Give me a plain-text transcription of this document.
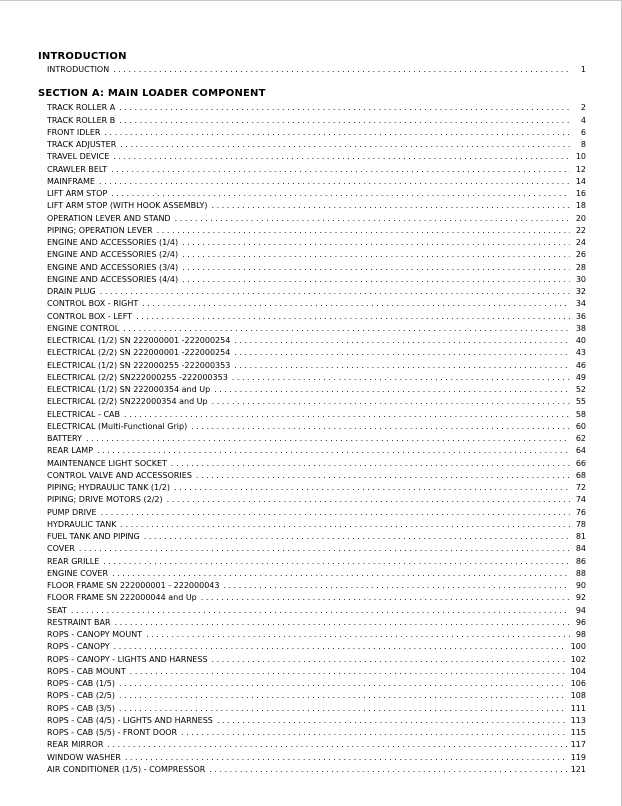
INTRODUCTION
INTRODUCTION . . .	1
SECTION A: MAIN LOADER COMPONENT
TRACK ROLLER A . . .	2
TRACK ROLLER B . . .	4
FRONT IDLER . . .	6
TRACK ADJUSTER . . .	8
TRAVEL DEVICE . . .	10
CRAWLER BELT . . .	12
MAINFRAME . . .	14
LIFT ARM STOP . . .	16
LIFT ARM STOP (WITH HOOK ASSEMBLY) . . .	18
OPERATION LEVER AND STAND . . .	20
PIPING; OPERATION LEVER . . .	22
ENGINE AND ACCESSORIES (1/4) . . .	24
ENGINE AND ACCESSORIES (2/4) . . .	26
ENGINE AND ACCESSORIES (3/4) . . .	28
ENGINE AND ACCESSORIES (4/4) . . .	30
DRAIN PLUG . . .	32
CONTROL BOX - RIGHT . . .	34
CONTROL BOX - LEFT . . .	36
ENGINE CONTROL . . .	38
ELECTRICAL (1/2) SN 222000001 -222000254 . . .	40
ELECTRICAL (2/2) SN 222000001 -222000254 . . .	43
ELECTRICAL (1/2) SN 222000255 -222000353 . . .	46
ELECTRICAL (2/2) SN222000255 -222000353 . . .	49
ELECTRICAL (1/2) SN 222000354 and Up . . .	52
ELECTRICAL (2/2) SN222000354 and Up . . .	55
ELECTRICAL - CAB . . .	58
ELECTRICAL (Multi-Functional Grip) . . .	60
BATTERY . . .	62
REAR LAMP . . .	64
MAINTENANCE LIGHT SOCKET . . .	66
CONTROL VALVE AND ACCESSORIES . . .	68
PIPING; HYDRAULIC TANK (1/2) . . .	72
PIPING; DRIVE MOTORS (2/2) . . .	74
PUMP DRIVE . . .	76
HYDRAULIC TANK . . .	78
FUEL TANK AND PIPING . . .	81
COVER . . .	84
REAR GRILLE . . .	86
ENGINE COVER . . .	88
FLOOR FRAME SN 222000001 - 222000043 . . .	90
FLOOR FRAME SN 222000044 and Up . . .	92
SEAT . . .	94
RESTRAINT BAR . . .	96
ROPS - CANOPY MOUNT . . .	98
ROPS - CANOPY . . .	100
ROPS - CANOPY - LIGHTS AND HARNESS . . .	102
ROPS - CAB MOUNT . . .	104
ROPS - CAB (1/5) . . .	106
ROPS - CAB (2/5) . . .	108
ROPS - CAB (3/5) . . .	111
ROPS - CAB (4/5) - LIGHTS AND HARNESS . . .	113
ROPS - CAB (5/5) - FRONT DOOR . . .	115
REAR MIRROR . . .	117
WINDOW WASHER . . .	119
AIR CONDITIONER (1/5) - COMPRESSOR . . .	121
